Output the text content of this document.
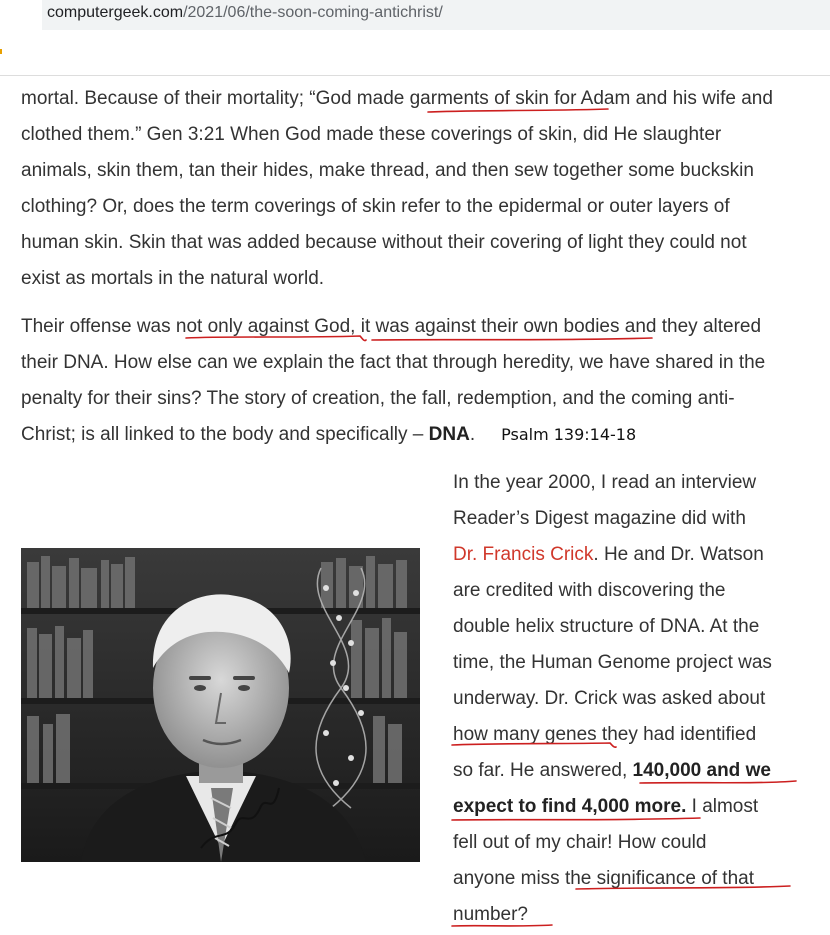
computergeek.com/2021/06/the-soon-coming-antichrist/

mortal. Because of their mortality; “God made garments of skin for Adam and his wife and
clothed them.” Gen 3:21 When God made these coverings of skin, did He slaughter
animals, skin them, tan their hides, make thread, and then sew together some buckskin
clothing? Or, does the term coverings of skin refer to the epidermal or outer layers of
human skin. Skin that was added because without their covering of light they could not
exist as mortals in the natural world.

Their offense was not only against God, it was against their own bodies and they altered
their DNA. How else can we explain the fact that through heredity, we have shared in the
penalty for their sins? The story of creation, the fall, redemption, and the coming anti-
Christ; is all linked to the body and specifically – DNA. Psalm 139:14-18

In the year 2000, I read an interview
Reader’s Digest magazine did with
Dr. Francis Crick. He and Dr. Watson
are credited with discovering the
double helix structure of DNA. At the
time, the Human Genome project was
underway. Dr. Crick was asked about
how many genes they had identified
so far. He answered, 140,000 and we
expect to find 4,000 more. I almost
fell out of my chair! How could
anyone miss the significance of that
number?
